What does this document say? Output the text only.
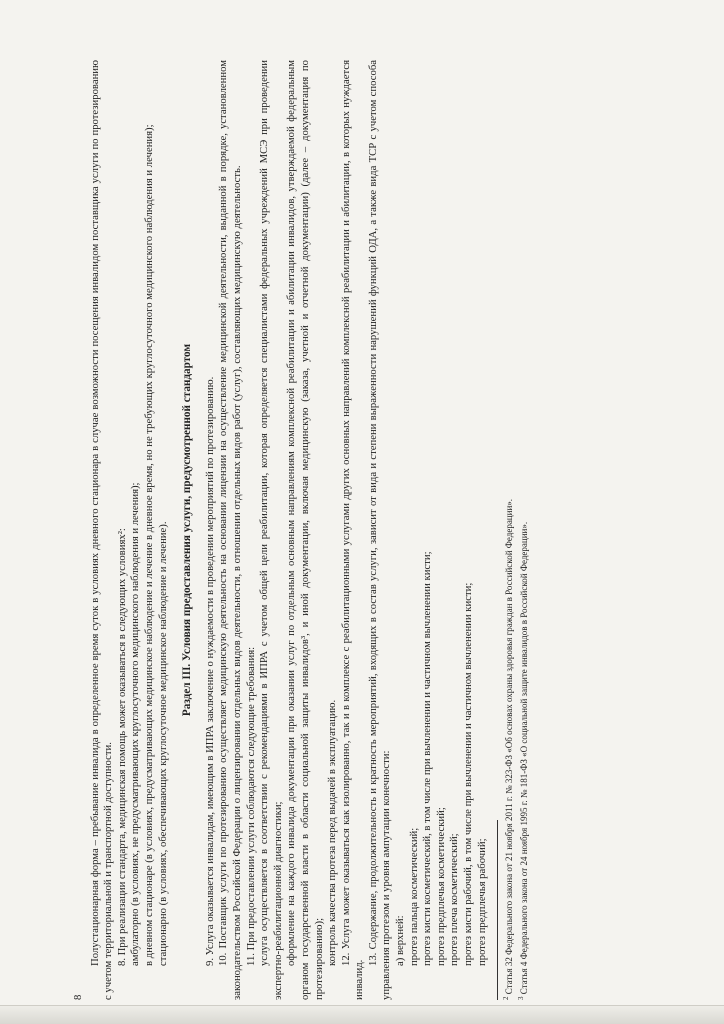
8

Полустационарная форма – пребывание инвалида в определенное время суток в условиях дневного стационара в случае возможности посещения инвалидом поставщика услуги по протезированию с учетом территориальной и транспортной доступности. 8. При реализации стандарта, медицинская помощь может оказываться в следующих условиях²: амбулаторно (в условиях, не предусматривающих круглосуточного медицинского наблюдения и лечения); в дневном стационаре (в условиях, предусматривающих медицинское наблюдение и лечение в дневное время, но не требующих круглосуточного медицинского наблюдения и лечения); стационарно (в условиях, обеспечивающих круглосуточное медицинское наблюдение и лечение). Раздел III. Условия предоставления услуги, предусмотренной стандартом 9. Услуга оказывается инвалидам, имеющим в ИПРА заключение о нуждаемости в проведении мероприятий по протезированию. 10. Поставщик услуги по протезированию осуществляет медицинскую деятельность на основании лицензии на осуществление медицинской деятельности, выданной в порядке, установленном законодательством Российской Федерации о лицензировании отдельных видов деятельности, в отношении отдельных видов работ (услуг), составляющих медицинскую деятельность. 11. При предоставлении услуги соблюдаются следующие требования: услуга осуществляется в соответствии с рекомендациями в ИПРА с учетом общей цели реабилитации, которая определяется специалистами федеральных учреждений МСЭ при проведении экспертно-реабилитационной диагностики; оформление на каждого инвалида документации при оказании услуг по отдельным основным направлениям комплексной реабилитации и абилитации инвалидов, утверждаемой федеральным органом государственной власти в области социальной защиты инвалидов³, и иной документации, включая медицинскую (заказа, учетной и отчетной документации) (далее – документация по протезированию); контроль качества протеза перед выдачей в эксплуатацию. 12. Услуга может оказываться как изолированно, так и в комплексе с реабилитационными услугами других основных направлений комплексной реабилитации и абилитации, в которых нуждается инвалид.

13. Содержание, продолжительность и кратность мероприятий, входящих в состав услуги, зависит от вида и степени выраженности нарушений функций ОДА, а также вида ТСР с учетом способа управления протезом и уровня ампутации конечности: а) верхней: протез пальца косметический; протез кисти косметический, в том числе при вычленении и частичном вычленении кисти; протез предплечья косметический; протез плеча косметический; протез кисти рабочий, в том числе при вычленении и частичном вычленении кисти; протез предплечья рабочий;

$^2$ Статья 32 Федерального закона от 21 ноября 2011 г. № 323-ФЗ «Об основах охраны здоровья граждан в Российской Федерации».

$^3$ Статья 4 Федерального закона от 24 ноября 1995 г. № 181-ФЗ «О социальной защите инвалидов в Российской Федерации».
